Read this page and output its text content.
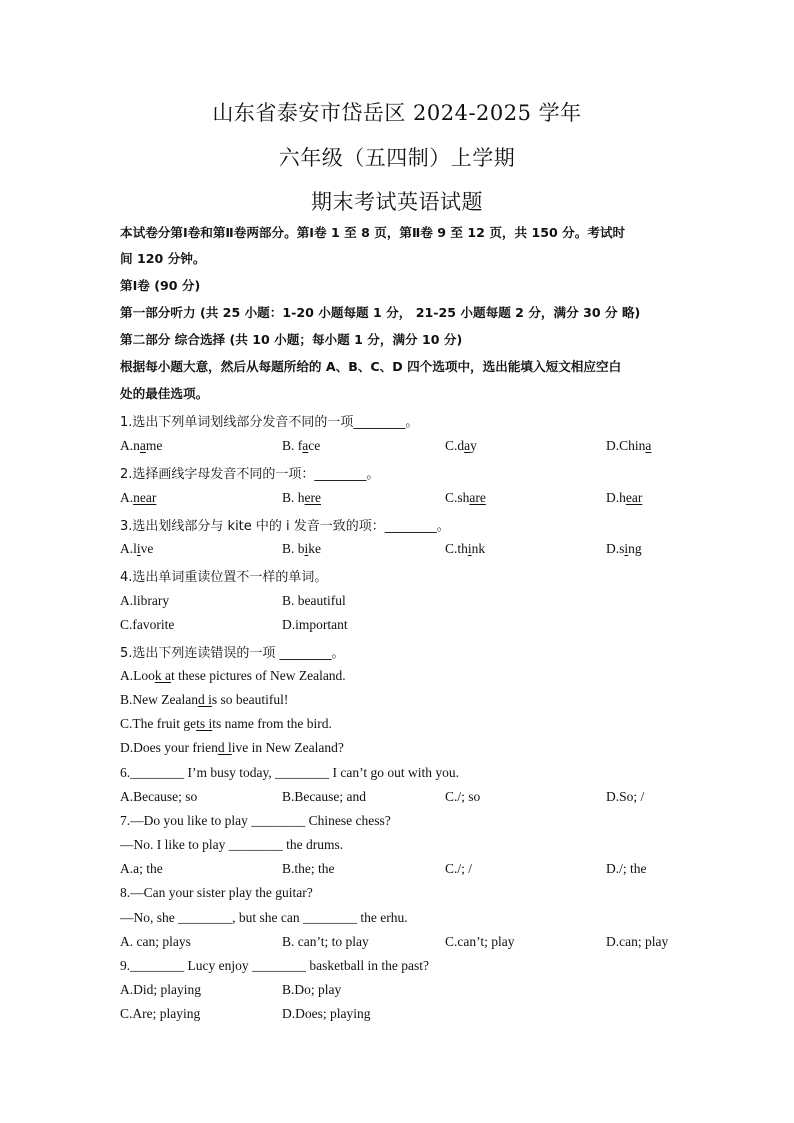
山东省泰安市岱岳区 2024-2025 学年
六年级（五四制）上学期
期末考试英语试题
本试卷分第Ⅰ卷和第Ⅱ卷两部分。第Ⅰ卷 1 至 8 页，第Ⅱ卷 9 至 12 页，共 150 分。考试时
间 120 分钟。
第Ⅰ卷 (90 分)
第一部分听力 (共 25 小题：1-20 小题每题 1 分， 21-25 小题每题 2 分，满分 30 分 略)
第二部分 综合选择 (共 10 小题；每小题 1 分，满分 10 分)
根据每小题大意，然后从每题所给的 A、B、C、D 四个选项中，选出能填入短文相应空白
处的最佳选项。
1.选出下列单词划线部分发音不同的一项________。
A.name	B. face	C.day	D.China
2.选择画线字母发音不同的一项：________。
A.near	B. here	C.share	D.hear
3.选出划线部分与 kite 中的 i 发音一致的项：________。
A.live	B. bike	C.think	D.sing
4.选出单词重读位置不一样的单词。
A.library	B. beautiful
C.favorite	D.important
5.选出下列连读错误的一项 ________。
A.Look at these pictures of New Zealand.
B.New Zealand is so beautiful!
C.The fruit gets its name from the bird.
D.Does your friend live in New Zealand?
6.________ I’m busy today, ________ I can’t go out with you.
A.Because; so	B.Because; and	C./; so	D.So; /
7.—Do you like to play ________ Chinese chess?
—No. I like to play ________ the drums.
A.a; the	B.the; the	C./; /	D./; the
8.—Can your sister play the guitar?
—No, she ________, but she can ________ the erhu.
A. can; plays	B. can’t; to play	C.can’t; play	D.can; play
9.________ Lucy enjoy ________ basketball in the past?
A.Did; playing	B.Do; play
C.Are; playing	D.Does; playing
